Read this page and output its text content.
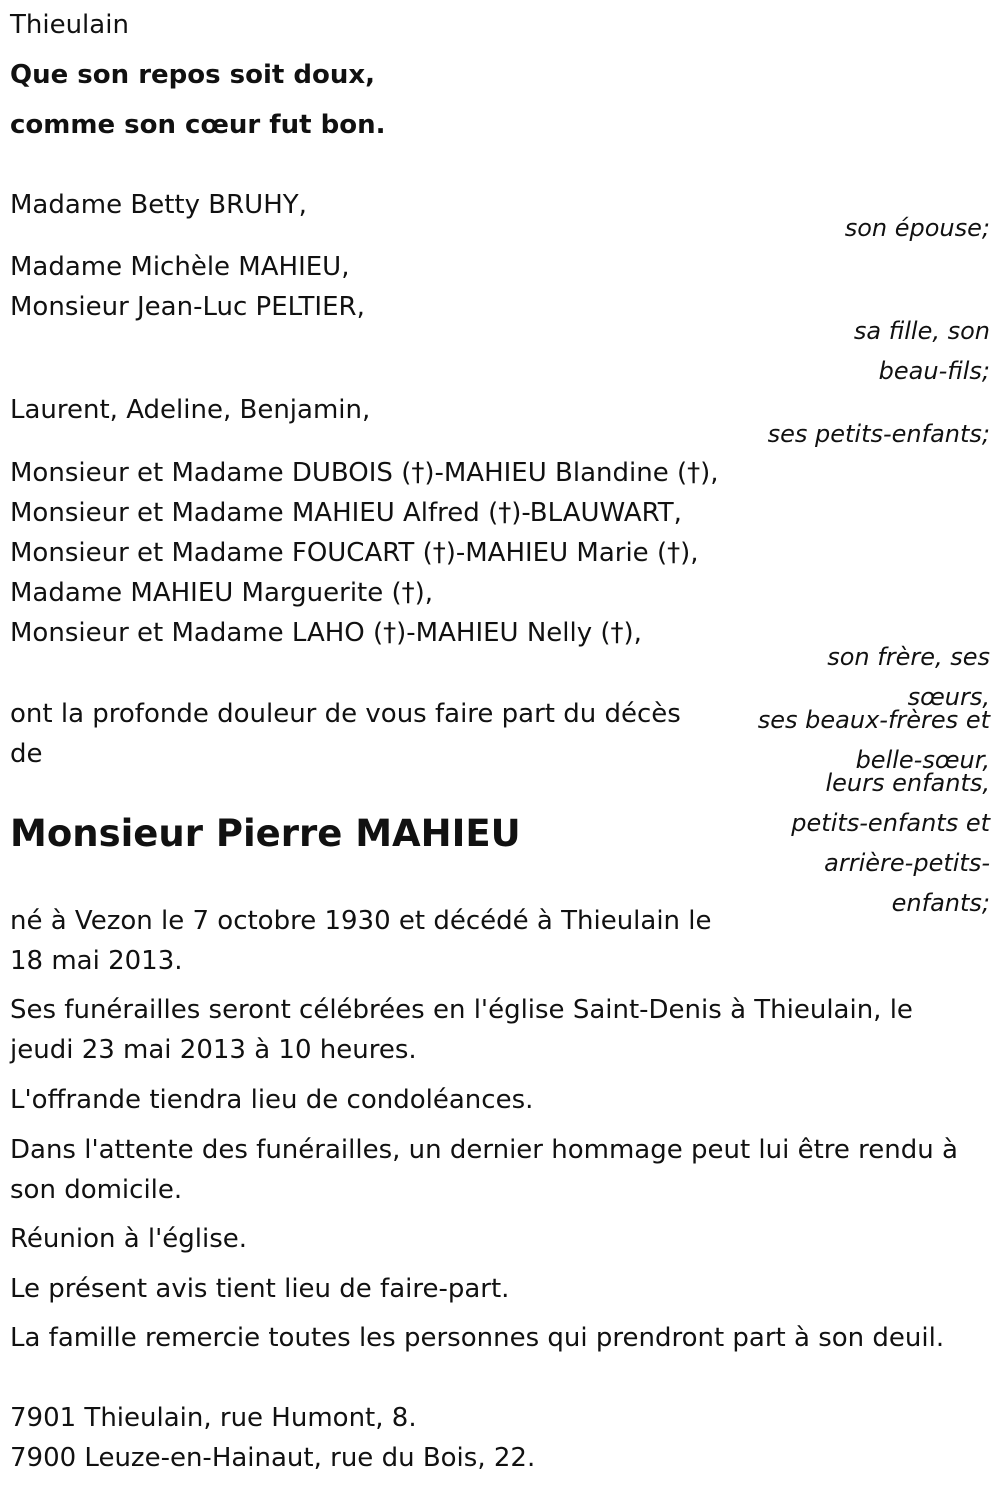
Thieulain
Que son repos soit doux,
comme son cœur fut bon.
Madame Betty BRUHY,
son épouse;
Madame Michèle MAHIEU,
Monsieur Jean-Luc PELTIER,
sa fille, son
beau-fils;
Laurent, Adeline, Benjamin,
ses petits-enfants;
Monsieur et Madame DUBOIS (†)-MAHIEU Blandine (†),
Monsieur et Madame MAHIEU Alfred (†)-BLAUWART,
Monsieur et Madame FOUCART (†)-MAHIEU Marie (†),
Madame MAHIEU Marguerite (†),
Monsieur et Madame LAHO (†)-MAHIEU Nelly (†),
son frère, ses
sœurs,
ses beaux-frères et
belle-sœur,
leurs enfants,
petits-enfants et
arrière-petits-
enfants;
ont la profonde douleur de vous faire part du décès
de
Monsieur Pierre MAHIEU
né à Vezon le 7 octobre 1930 et décédé à Thieulain le
18 mai 2013.
Ses funérailles seront célébrées en l'église Saint-Denis à Thieulain, le
jeudi 23 mai 2013 à 10 heures.
L'offrande tiendra lieu de condoléances.
Dans l'attente des funérailles, un dernier hommage peut lui être rendu à
son domicile.
Réunion à l'église.
Le présent avis tient lieu de faire-part.
La famille remercie toutes les personnes qui prendront part à son deuil.
7901 Thieulain, rue Humont, 8.
7900 Leuze-en-Hainaut, rue du Bois, 22.
